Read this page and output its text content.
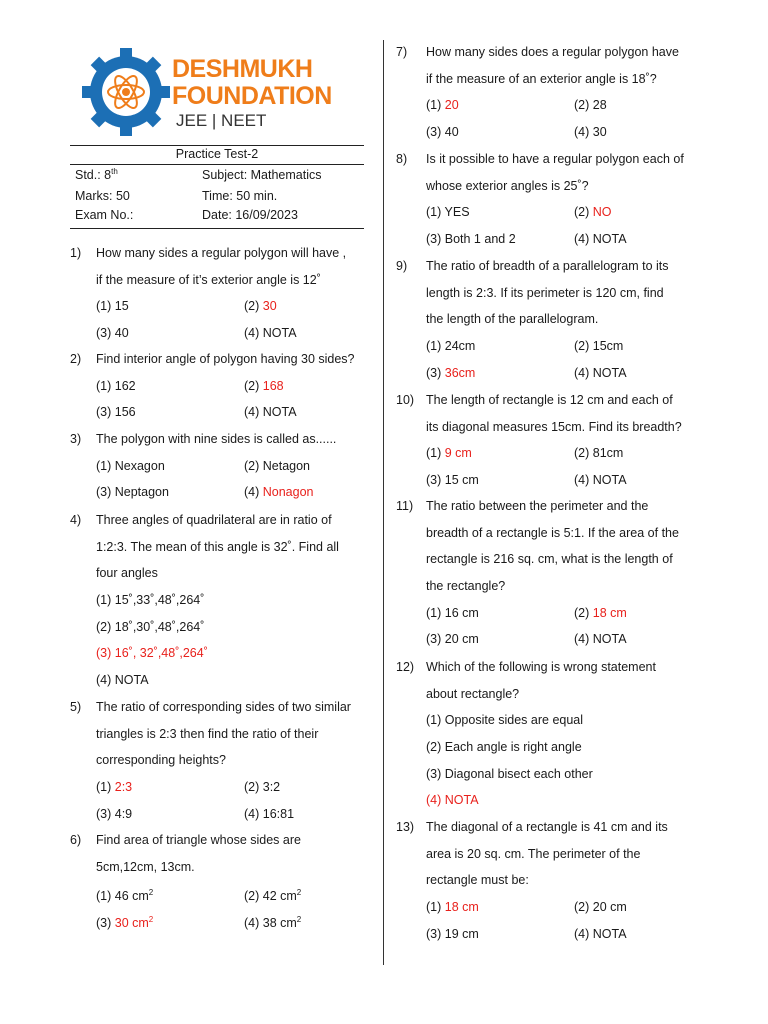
DESHMUKH
FOUNDATION
JEE | NEET
Practice Test-2
Std.: 8th	Subject: Mathematics
Marks: 50	Time: 50 min.
Exam No.:	Date: 16/09/2023
1) How many sides a regular polygon will have ,
if the measure of it’s exterior angle is 12˚
(1) 15	(2) 30
(3) 40	(4) NOTA
2) Find interior angle of polygon having 30 sides?
(1) 162	(2) 168
(3) 156	(4) NOTA
3) The polygon with nine sides is called as......
(1) Nexagon	(2) Netagon
(3) Neptagon	(4) Nonagon
4) Three angles of quadrilateral are in ratio of
1:2:3. The mean of this angle is 32˚. Find all
four angles
(1) 15˚,33˚,48˚,264˚
(2) 18˚,30˚,48˚,264˚
(3) 16˚, 32˚,48˚,264˚
(4) NOTA
5) The ratio of corresponding sides of two similar
triangles is 2:3 then find the ratio of their
corresponding heights?
(1) 2:3	(2) 3:2
(3) 4:9	(4) 16:81
6) Find area of triangle whose sides are
5cm,12cm, 13cm.
(1) 46 $cm^2$	(2) 42 $cm^2$
(3) 30 $cm^2$	(4) 38 $cm^2$
7) How many sides does a regular polygon have
if the measure of an exterior angle is 18˚?
(1) 20	(2) 28
(3) 40	(4) 30
8) Is it possible to have a regular polygon each of
whose exterior angles is 25˚?
(1) YES	(2) NO
(3) Both 1 and 2	(4) NOTA
9) The ratio of breadth of a parallelogram to its
length is 2:3. If its perimeter is 120 cm, find
the length of the parallelogram.
(1) 24cm	(2) 15cm
(3) 36cm	(4) NOTA
10) The length of rectangle is 12 cm and each of
its diagonal measures 15cm. Find its breadth?
(1) 9 cm	(2) 81cm
(3) 15 cm	(4) NOTA
11) The ratio between the perimeter and the
breadth of a rectangle is 5:1. If the area of the
rectangle is 216 sq. cm, what is the length of
the rectangle?
(1) 16 cm	(2) 18 cm
(3) 20 cm	(4) NOTA
12) Which of the following is wrong statement
about rectangle?
(1) Opposite sides are equal
(2) Each angle is right angle
(3) Diagonal bisect each other
(4) NOTA
13) The diagonal of a rectangle is 41 cm and its
area is 20 sq. cm. The perimeter of the
rectangle must be:
(1) 18 cm	(2) 20 cm
(3) 19 cm	(4) NOTA
